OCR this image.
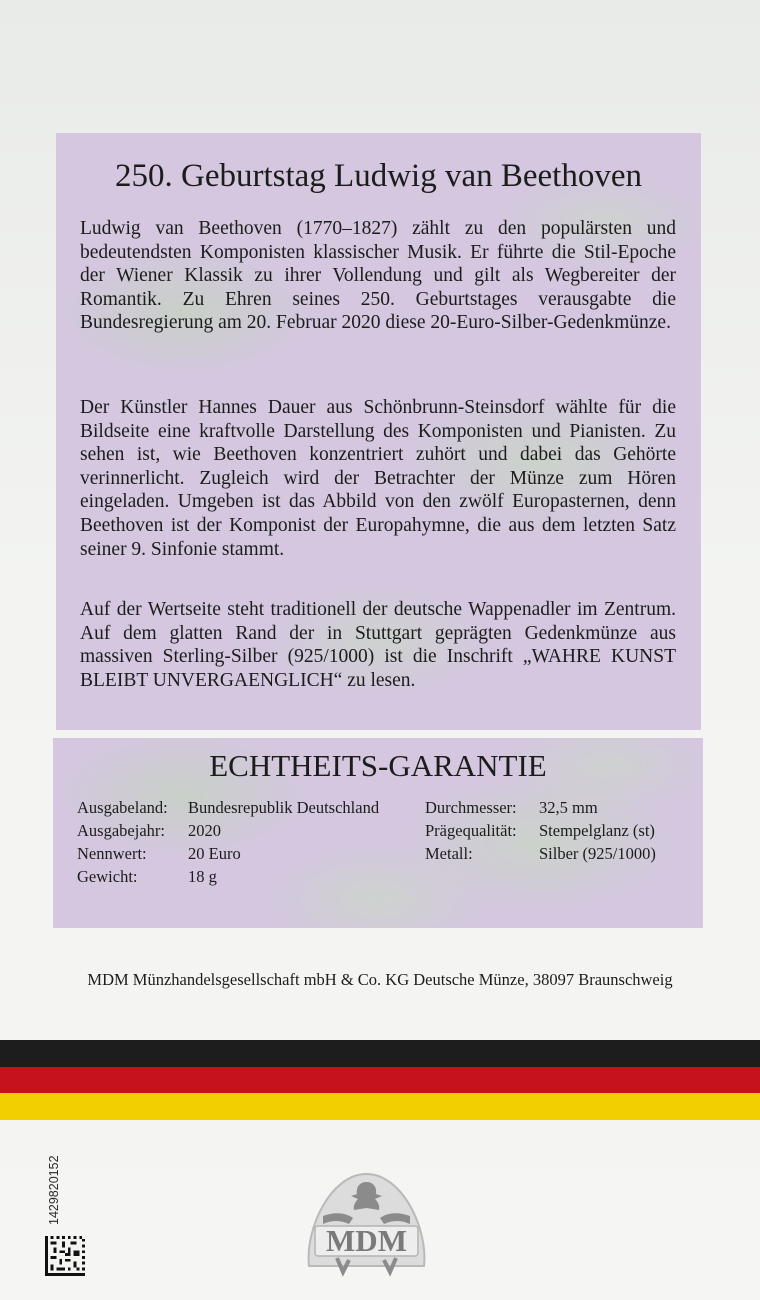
250. Geburtstag Ludwig van Beethoven

Ludwig van Beethoven (1770–1827) zählt zu den populärsten und bedeutendsten Komponisten klassischer Musik. Er führte die Stil-Epoche der Wiener Klassik zu ihrer Vollendung und gilt als Wegbereiter der Romantik. Zu Ehren seines 250. Geburtstages verausgabte die Bundesregierung am 20. Februar 2020 diese 20-Euro-Silber-Gedenkmünze.

Der Künstler Hannes Dauer aus Schönbrunn-Steinsdorf wählte für die Bildseite eine kraftvolle Darstellung des Komponisten und Pianisten. Zu sehen ist, wie Beethoven konzentriert zuhört und dabei das Gehörte verinnerlicht. Zugleich wird der Betrachter der Münze zum Hören eingeladen. Umgeben ist das Abbild von den zwölf Europasternen, denn Beethoven ist der Komponist der Europahymne, die aus dem letzten Satz seiner 9. Sinfonie stammt.

Auf der Wertseite steht traditionell der deutsche Wappenadler im Zentrum. Auf dem glatten Rand der in Stuttgart geprägten Gedenkmünze aus massiven Sterling-Silber (925/1000) ist die Inschrift „WAHRE KUNST BLEIBT UNVERGAENGLICH“ zu lesen.

ECHTHEITS-GARANTIE
Ausgabeland: Bundesrepublik Deutschland
Ausgabejahr: 2020
Nennwert:	20 Euro
Gewicht:	18 g
Durchmesser: 32,5 mm
Prägequalität: Stempelglanz (st)
Metall:	Silber (925/1000)
MDM Münzhandelsgesellschaft mbH & Co. KG Deutsche Münze, 38097 Braunschweig
1429820152
MDM
